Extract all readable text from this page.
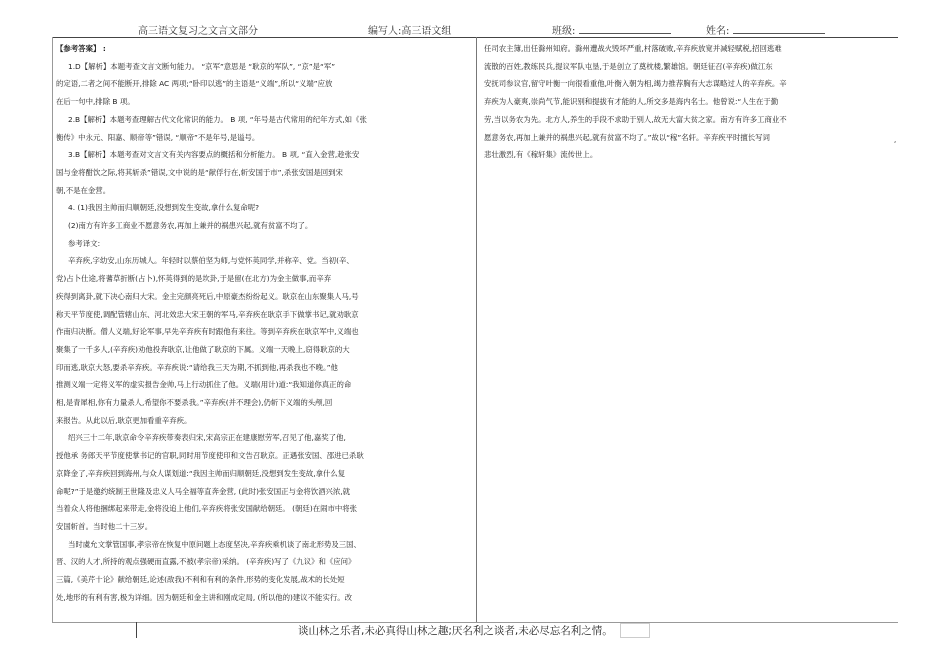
高三语文复习之文言文部分	编写人:高三语文组	班级:	姓名:

【参考答案】 :

1.D【解析】本题考查文言文断句能力。 “京军”意思是 “耿京的军队”, “京”是“军”

的定语,二者之间不能断开,排除 AC 两项;“卧印以逃”的主语是“义端”,所以“义端”应放

在后一句中,排除 B 项。

2.B【解析】本题考查理解古代文化常识的能力。 B 项, “年号是古代常用的纪年方式,如《张

衡传》中永元、阳嘉、顺帝等”错误, “顺帝”不是年号,是谥号。

3.B【解析】本题考查对文言文有关内容要点的概括和分析能力。 B 项, “直入金营,趁张安

国与金将酣饮之际,将其斩杀”错误,文中说的是“献俘行在,斩安国于市”,杀张安国是回到宋

朝,不是在金营。

4. (1)我因主帅而归顺朝廷,没想到发生变故,拿什么复命呢?

(2)南方有许多工商业不愿意务农,再加上兼并的祸患兴起,就有贫富不均了。

参考译文:

辛弃疾,字幼安,山东历城人。年轻时以蔡伯坚为师,与党怀英同学,并称辛、党。当初(辛、

党)占卜仕途,将蓍草折断(占卜),怀英得到的是坎卦,于是留(在北方)为金主做事,而辛弃

疾得到离卦,就下决心南归大宋。金主完颜亮死后,中原豪杰纷纷起义。耿京在山东聚集人马,号

称天平节度使,调配管辖山东、河北效忠大宋王朝的军马,辛弃疾在耿京手下做掌书记,就劝耿京

作南归决断。僧人义端,好论军事,早先辛弃疾有时跟他有来往。等到辛弃疾在耿京军中,义端也

聚集了一千多人,(辛弃疾)劝他投奔耿京,让他做了耿京的下属。义端一天晚上,窃得耿京的大

印而逃,耿京大怒,要杀辛弃疾。辛弃疾说:“请给我三天为期,不抓到他,再杀我也不晚。”他

推测义端一定将义军的虚实报告金帅,马上行动抓住了他。义端(用计)道:“我知道你真正的命

相,是青犀相,你有力量杀人,希望你不要杀我。”辛弃疾(并不理会),仍斩下义端的头颅,回

来报告。从此以后,耿京更加看重辛弃疾。

绍兴三十二年,耿京命令辛弃疾带奏表归宋,宋高宗正在建康慰劳军,召见了他,嘉奖了他,

授他承 务郎天平节度使掌书记的官职,同时用节度使印和文告召耿京。正遇张安国、邵进已杀耿

京降金了,辛弃疾回到海州,与众人谋划道:“我因主帅而归顺朝廷,没想到发生变故,拿什么复

命呢?”于是邀约统制王世隆及忠义人马全福等直奔金营, (此时)张安国正与金将饮酒兴浓,就

当着众人将他捆绑起来带走,金将没追上他们,辛弃疾将张安国献给朝廷。 (朝廷)在闹市中将张

安国斩首。当时他二十三岁。

当时虞允文掌管国事,孝宗帝在恢复中原问题上态度坚决,辛弃疾乘机谈了南北形势及三国、

晋、汉的人才,所持的观点强硬而直露,不被(孝宗帝)采纳。 (辛弃疾)写了《九议》和《应问》

三篇,《美芹十论》献给朝廷,论述(敌我)不利和有利的条件,形势的变化发展,战术的长处短

处,地形的有利有害,极为详细。因为朝廷和金主讲和刚成定局, (所以他的)建议不能实行。改

任司农主簿,出任滁州知府。滁州遭战火毁坏严重,村落破败,辛弃疾放宽并减轻赋税,招回逃难

流散的百姓,教练民兵,提议军队屯垦,于是创立了奠枕楼,繁雄馆。朝廷征召(辛弃疾)做江东

安抚司参议官,留守叶衡一向很看重他,叶衡入朝为相,竭力推荐胸有大志谋略过人的辛弃疾。辛

弃疾为人豪爽,崇尚气节,能识别和提拔有才能的人,所交多是海内名士。他曾说:“人生在于勤

劳,当以务农为先。北方人,养生的手段不求助于别人,故无大富大贫之家。南方有许多工商业不

愿意务农,再加上兼并的祸患兴起,就有贫富不均了。”故以“稼”名轩。辛弃疾平时擅长写词

悲壮激烈,有《稼轩集》流传世上。

,
谈山林之乐者,未必真得山林之趣;厌名利之谈者,未必尽忘名利之情。
